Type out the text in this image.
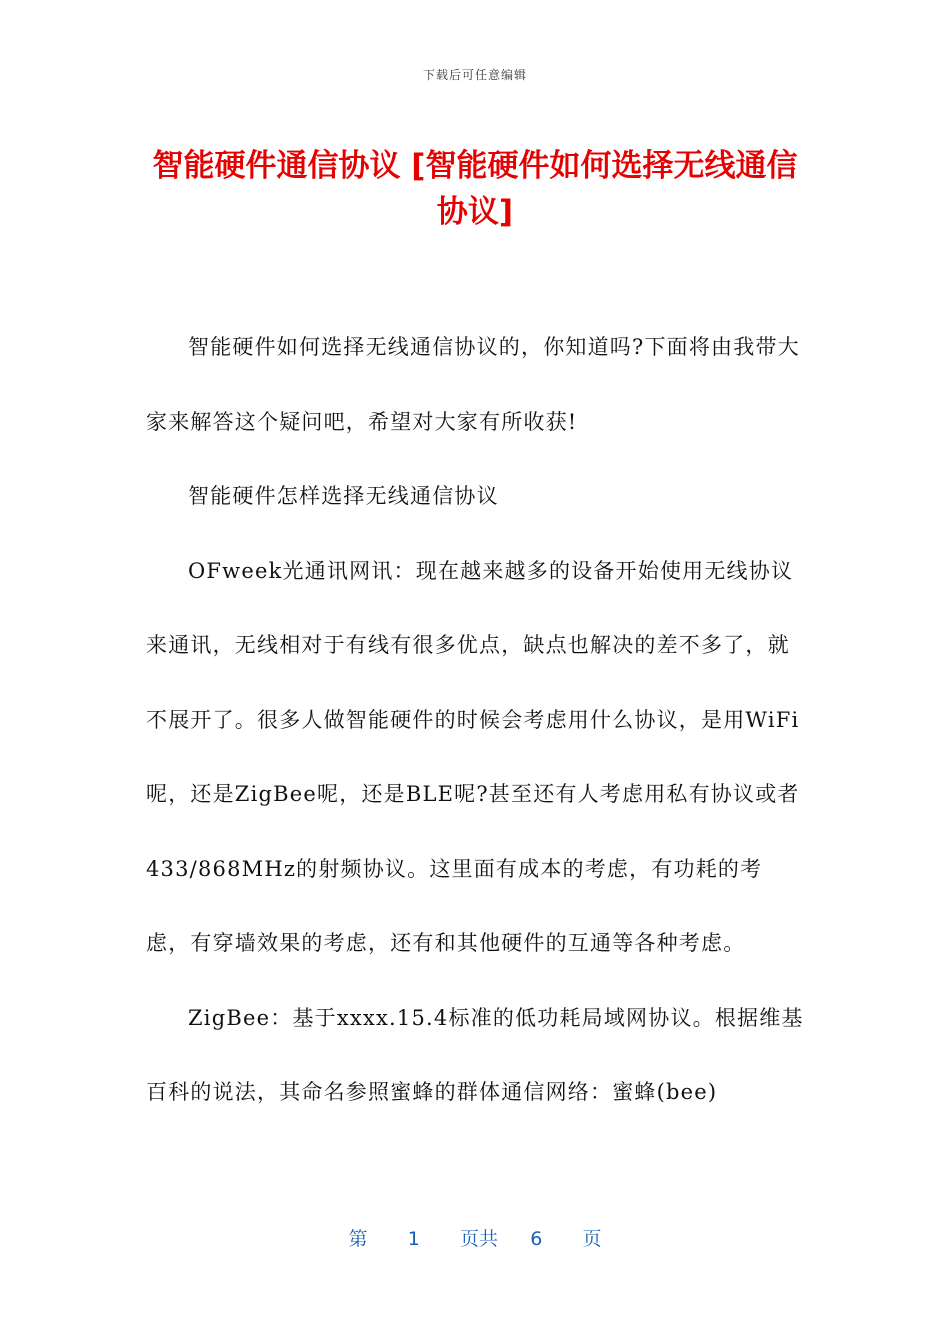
下载后可任意编辑
智能硬件通信协议 [智能硬件如何选择无线通信协议]

智能硬件如何选择无线通信协议的，你知道吗?下面将由我带大家来解答这个疑问吧，希望对大家有所收获!

智能硬件怎样选择无线通信协议

OFweek光通讯网讯：现在越来越多的设备开始使用无线协议来通讯，无线相对于有线有很多优点，缺点也解决的差不多了，就不展开了。很多人做智能硬件的时候会考虑用什么协议，是用WiFi呢，还是ZigBee呢，还是BLE呢?甚至还有人考虑用私有协议或者433/868MHz的射频协议。这里面有成本的考虑，有功耗的考虑，有穿墙效果的考虑，还有和其他硬件的互通等各种考虑。

ZigBee：基于xxxx.15.4标准的低功耗局域网协议。根据维基百科的说法，其命名参照蜜蜂的群体通信网络：蜜蜂(bee)

第 1 页共 6 页
